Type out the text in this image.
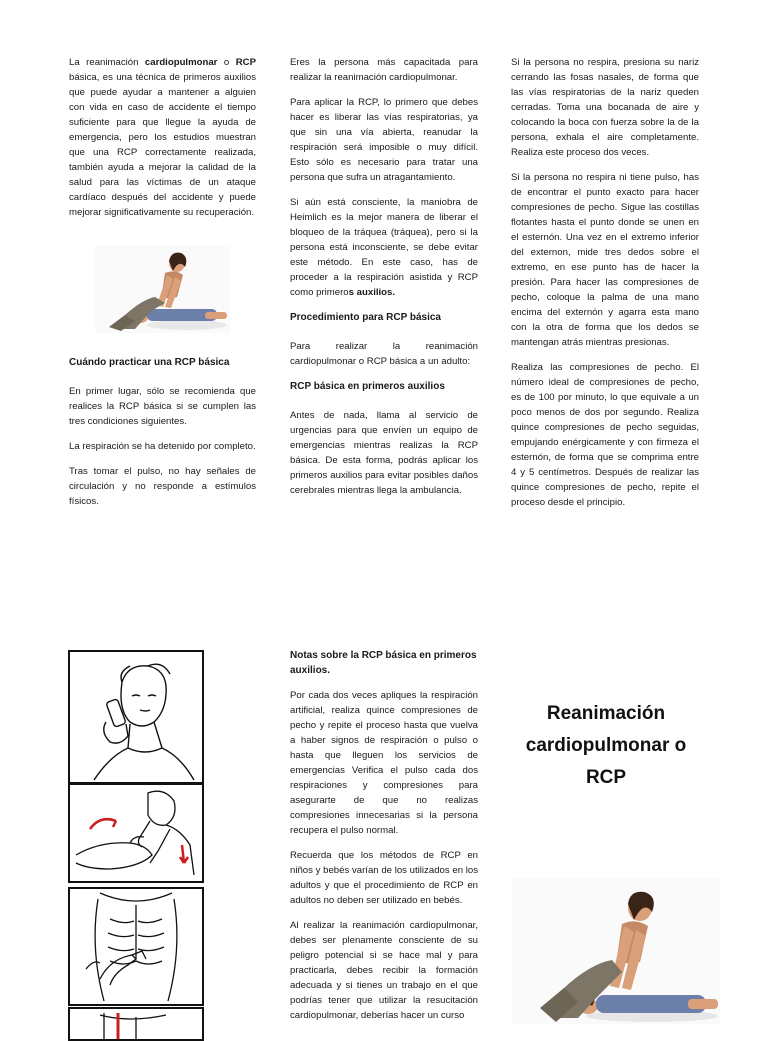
La reanimación cardiopulmonar o RCP básica, es una técnica de primeros auxilios que puede ayudar a mantener a alguien con vida en caso de accidente el tiempo suficiente para que llegue la ayuda de emergencia, pero los estudios muestran que una RCP correctamente realizada, también ayuda a mejorar la calidad de la salud para las víctimas de un ataque cardíaco después del accidente y puede mejorar significativamente su recuperación.

Cuándo practicar una RCP básica

En primer lugar, sólo se recomienda que realices la RCP básica si se cumplen las tres condiciones siguientes.

La respiración se ha detenido por completo.

Tras tomar el pulso, no hay señales de circulación y no responde a estímulos físicos.

Eres la persona más capacitada para realizar la reanimación cardiopulmonar.

Para aplicar la RCP, lo primero que debes hacer es liberar las vías respiratorias, ya que sin una vía abierta, reanudar la respiración será imposible o muy difícil. Esto sólo es necesario para tratar una persona que sufra un atragantamiento.

Si aún está consciente, la maniobra de Heimlich es la mejor manera de liberar el bloqueo de la tráquea (tráquea), pero si la persona está inconsciente, se debe evitar este método. En este caso, has de proceder a la respiración asistida y RCP como primeros auxilios.

Procedimiento para RCP básica

Para realizar la reanimación cardiopulmonar o RCP básica a un adulto:

RCP básica en primeros auxilios

Antes de nada, llama al servicio de urgencias para que envíen un equipo de emergencias mientras realizas la RCP básica. De esta forma, podrás aplicar los primeros auxilios para evitar posibles daños cerebrales mientras llega la ambulancia.

Si la persona no respira, presiona su nariz cerrando las fosas nasales, de forma que las vías respiratorias de la nariz queden cerradas. Toma una bocanada de aire y colocando la boca con fuerza sobre la de la persona, exhala el aire completamente. Realiza este proceso dos veces.

Si la persona no respira ni tiene pulso, has de encontrar el punto exacto para hacer compresiones de pecho. Sigue las costillas flotantes hasta el punto donde se unen en el esternón. Una vez en el extremo inferior del externon, mide tres dedos sobre el extremo, en ese punto has de hacer la presión. Para hacer las compresiones de pecho, coloque la palma de una mano encima del externón y agarra esta mano con la otra de forma que los dedos se mantengan atrás mientras presionas.

Realiza las compresiones de pecho. El número ideal de compresiones de pecho, es de 100 por minuto, lo que equivale a un poco menos de dos por segundo. Realiza quince compresiones de pecho seguidas, empujando enérgicamente y con firmeza el esternón, de forma que se comprima entre 4 y 5 centímetros. Después de realizar las quince compresiones de pecho, repite el proceso desde el principio.

Notas sobre la RCP básica en primeros auxilios.

Por cada dos veces apliques la respiración artificial, realiza quince compresiones de pecho y repite el proceso hasta que vuelva a haber signos de respiración o pulso o hasta que lleguen los servicios de emergencias Verifica el pulso cada dos respiraciones y compresiones para asegurarte de que no realizas compresiones innecesarias si la persona recupera el pulso normal.

Recuerda que los métodos de RCP en niños y bebés varían de los utilizados en los adultos y que el procedimiento de RCP en adultos no deben ser utilizado en bebés.

Al realizar la reanimación cardiopulmonar, debes ser plenamente consciente de su peligro potencial si se hace mal y para practicarla, debes recibir la formación adecuada y si tienes un trabajo en el que podrías tener que utilizar la resucitación cardiopulmonar, deberías hacer un curso

Reanimación cardiopulmonar o RCP
